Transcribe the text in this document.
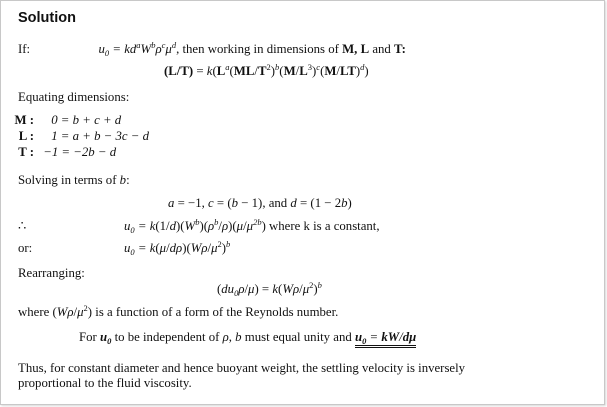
Solution
If:	$u_0 = kd^aW^b\rho^c\mu^d$, then working in dimensions of M, L and T:
$(L/T) = k(L^a(ML/T^2)^b(M/L^3)^c(M/LT)^d)$
Equating dimensions:
M : 0 = b + c + d
L : 1 = a + b − 3c − d
T : −1 = −2b − d
Solving in terms of b:
a = −1, c = (b − 1), and d = (1 − 2b)
∴	$u_0 = k(1/d)(W^b)(\rho^b/\rho)(\mu/\mu^{2b})$ where k is a constant,
or:	$u_0 = k(\mu/d\rho)(W\rho/\mu^2)^b$
Rearranging:
$(du_0\rho/\mu) = k(W\rho/\mu^2)^b$
where $(W\rho/\mu^2)$ is a function of a form of the Reynolds number.
For $u_0$ to be independent of ρ, b must equal unity and $u_0 = kW/d\mu$
Thus, for constant diameter and hence buoyant weight, the settling velocity is inversely
proportional to the fluid viscosity.
